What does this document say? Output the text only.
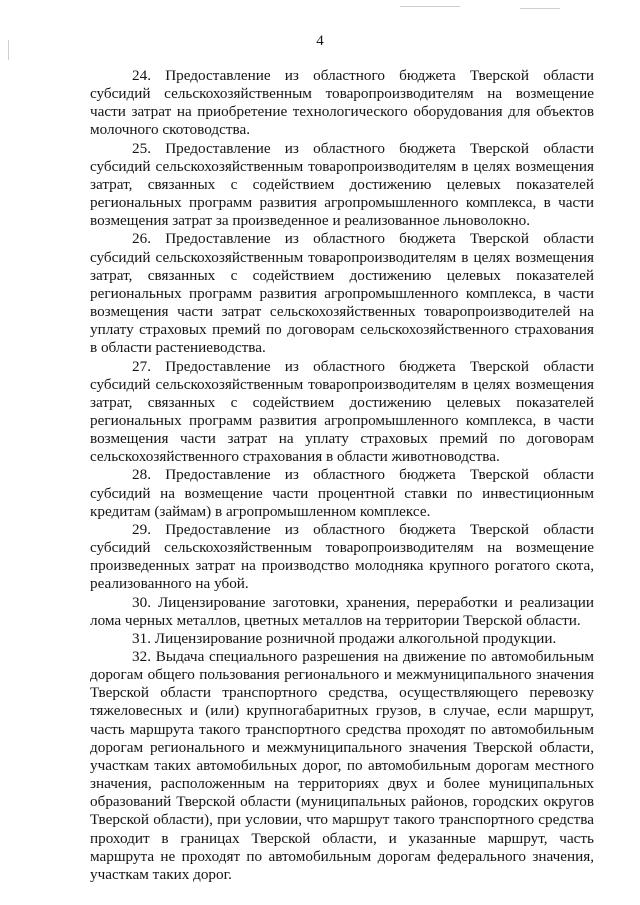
4

24. Предоставление из областного бюджета Тверской области субсидий сельскохозяйственным товаропроизводителям на возмещение части затрат на приобретение технологического оборудования для объектов молочного скотоводства.

25. Предоставление из областного бюджета Тверской области субсидий сельскохозяйственным товаропроизводителям в целях возмещения затрат, связанных с содействием достижению целевых показателей региональных программ развития агропромышленного комплекса, в части возмещения затрат за произведенное и реализованное льноволокно.

26. Предоставление из областного бюджета Тверской области субсидий сельскохозяйственным товаропроизводителям в целях возмещения затрат, связанных с содействием достижению целевых показателей региональных программ развития агропромышленного комплекса, в части возмещения части затрат сельскохозяйственных товаропроизводителей на уплату страховых премий по договорам сельскохозяйственного страхования в области растениеводства.

27. Предоставление из областного бюджета Тверской области субсидий сельскохозяйственным товаропроизводителям в целях возмещения затрат, связанных с содействием достижению целевых показателей региональных программ развития агропромышленного комплекса, в части возмещения части затрат на уплату страховых премий по договорам сельскохозяйственного страхования в области животноводства.

28. Предоставление из областного бюджета Тверской области субсидий на возмещение части процентной ставки по инвестиционным кредитам (займам) в агропромышленном комплексе.

29. Предоставление из областного бюджета Тверской области субсидий сельскохозяйственным товаропроизводителям на возмещение произведенных затрат на производство молодняка крупного рогатого скота, реализованного на убой.

30. Лицензирование заготовки, хранения, переработки и реализации лома черных металлов, цветных металлов на территории Тверской области.

31. Лицензирование розничной продажи алкогольной продукции.

32. Выдача специального разрешения на движение по автомобильным дорогам общего пользования регионального и межмуниципального значения Тверской области транспортного средства, осуществляющего перевозку тяжеловесных и (или) крупногабаритных грузов, в случае, если маршрут, часть маршрута такого транспортного средства проходят по автомобильным дорогам регионального и межмуниципального значения Тверской области, участкам таких автомобильных дорог, по автомобильным дорогам местного значения, расположенным на территориях двух и более муниципальных образований Тверской области (муниципальных районов, городских округов Тверской области), при условии, что маршрут такого транспортного средства проходит в границах Тверской области, и указанные маршрут, часть маршрута не проходят по автомобильным дорогам федерального значения, участкам таких дорог.
